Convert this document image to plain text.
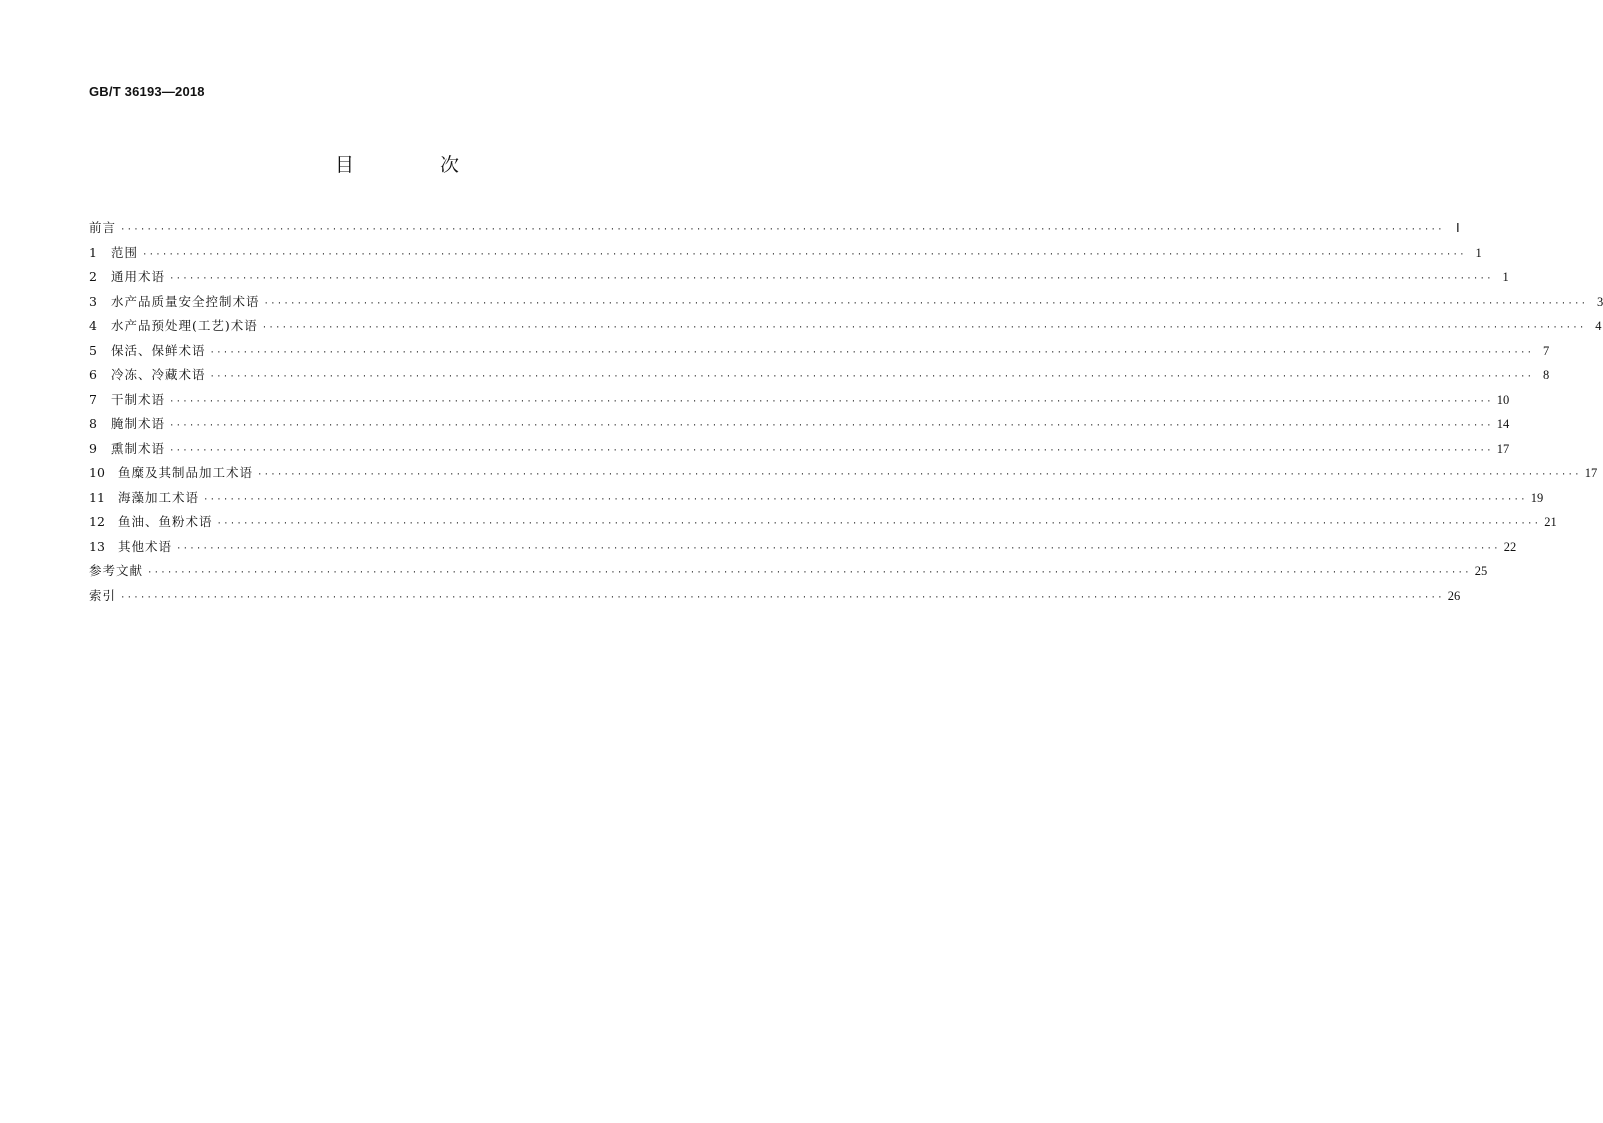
GB/T 36193—2018
目 次
前言 ········································································································································································································ Ⅰ
1	范围 ········································································································································································································ 1
2	通用术语 ········································································································································································································ 1
3	水产品质量安全控制术语 ········································································································································································································ 3
4	水产品预处理(工艺)术语 ········································································································································································································ 4
5	保活、保鲜术语 ········································································································································································································ 7
6	冷冻、冷藏术语 ········································································································································································································ 8
7	干制术语 ········································································································································································································ 10
8	腌制术语 ········································································································································································································ 14
9	熏制术语 ········································································································································································································ 17
10	鱼糜及其制品加工术语 ········································································································································································································ 17
11	海藻加工术语 ········································································································································································································ 19
12	鱼油、鱼粉术语 ········································································································································································································ 21
13	其他术语 ········································································································································································································ 22
参考文献 ········································································································································································································ 25
索引 ········································································································································································································ 26
